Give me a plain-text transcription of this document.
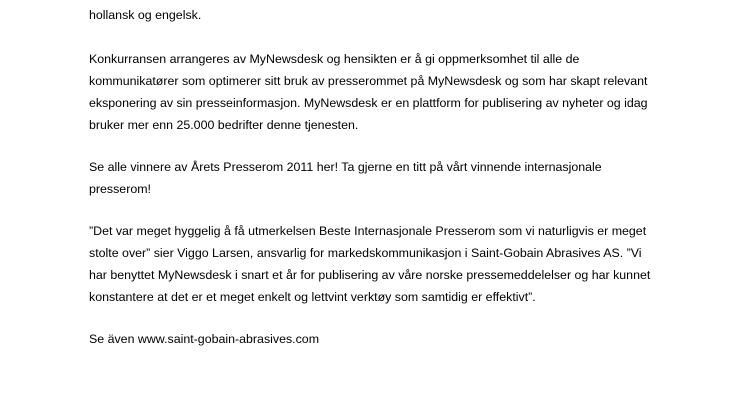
hollansk og engelsk.

Konkurransen arrangeres av MyNewsdesk og hensikten er å gi oppmerksomhet til alle de

kommunikatører som optimerer sitt bruk av presserommet på MyNewsdesk og som har skapt relevant

eksponering av sin presseinformasjon. MyNewsdesk er en plattform for publisering av nyheter og idag

bruker mer enn 25.000 bedrifter denne tjenesten.

Se alle vinnere av Årets Presserom 2011 her! Ta gjerne en titt på vårt vinnende internasjonale

presserom!

”Det var meget hyggelig å få utmerkelsen Beste Internasjonale Presserom som vi naturligvis er meget

stolte over” sier Viggo Larsen, ansvarlig for markedskommunikasjon i Saint-Gobain Abrasives AS. ”Vi

har benyttet MyNewsdesk i snart et år for publisering av våre norske pressemeddelelser og har kunnet

konstantere at det er et meget enkelt og lettvint verktøy som samtidig er effektivt”.

Se även www.saint-gobain-abrasives.com
